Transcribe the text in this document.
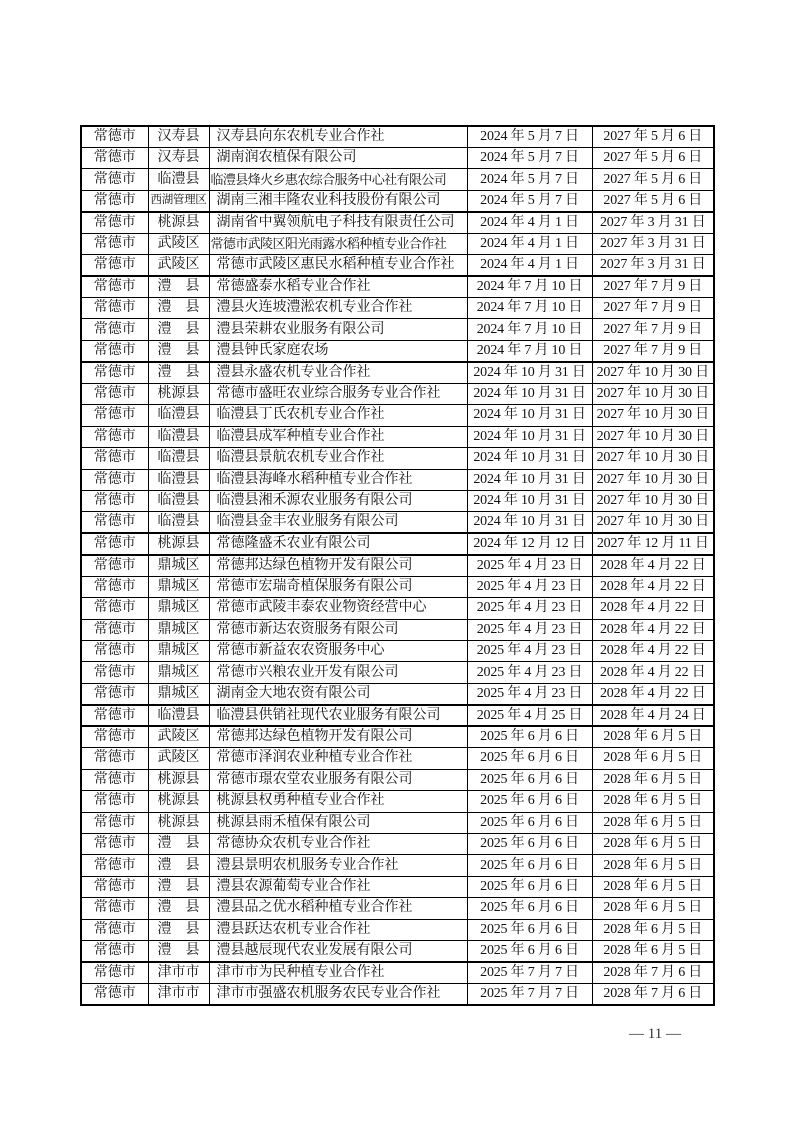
常德市	汉寿县	汉寿县向东农机专业合作社	2024 年 5 月 7 日	2027 年 5 月 6 日
常德市	汉寿县	湖南润农植保有限公司	2024 年 5 月 7 日	2027 年 5 月 6 日
常德市	临澧县	临澧县烽火乡惠农综合服务中心社有限公司	2024 年 5 月 7 日	2027 年 5 月 6 日
常德市	西湖管理区	湖南三湘丰隆农业科技股份有限公司	2024 年 5 月 7 日	2027 年 5 月 6 日
常德市	桃源县	湖南省中翼领航电子科技有限责任公司	2024 年 4 月 1 日	2027 年 3 月 31 日
常德市	武陵区	常德市武陵区阳光雨露水稻种植专业合作社	2024 年 4 月 1 日	2027 年 3 月 31 日
常德市	武陵区	常德市武陵区惠民水稻种植专业合作社	2024 年 4 月 1 日	2027 年 3 月 31 日
常德市	澧　县	常德盛泰水稻专业合作社	2024 年 7 月 10 日	2027 年 7 月 9 日
常德市	澧　县	澧县火连坡澧淞农机专业合作社	2024 年 7 月 10 日	2027 年 7 月 9 日
常德市	澧　县	澧县荣耕农业服务有限公司	2024 年 7 月 10 日	2027 年 7 月 9 日
常德市	澧　县	澧县钟氏家庭农场	2024 年 7 月 10 日	2027 年 7 月 9 日
常德市	澧　县	澧县永盛农机专业合作社	2024 年 10 月 31 日	2027 年 10 月 30 日
常德市	桃源县	常德市盛旺农业综合服务专业合作社	2024 年 10 月 31 日	2027 年 10 月 30 日
常德市	临澧县	临澧县丁氏农机专业合作社	2024 年 10 月 31 日	2027 年 10 月 30 日
常德市	临澧县	临澧县成军种植专业合作社	2024 年 10 月 31 日	2027 年 10 月 30 日
常德市	临澧县	临澧县景航农机专业合作社	2024 年 10 月 31 日	2027 年 10 月 30 日
常德市	临澧县	临澧县海峰水稻种植专业合作社	2024 年 10 月 31 日	2027 年 10 月 30 日
常德市	临澧县	临澧县湘禾源农业服务有限公司	2024 年 10 月 31 日	2027 年 10 月 30 日
常德市	临澧县	临澧县金丰农业服务有限公司	2024 年 10 月 31 日	2027 年 10 月 30 日
常德市	桃源县	常德隆盛禾农业有限公司	2024 年 12 月 12 日	2027 年 12 月 11 日
常德市	鼎城区	常德邦达绿色植物开发有限公司	2025 年 4 月 23 日	2028 年 4 月 22 日
常德市	鼎城区	常德市宏瑞奇植保服务有限公司	2025 年 4 月 23 日	2028 年 4 月 22 日
常德市	鼎城区	常德市武陵丰泰农业物资经营中心	2025 年 4 月 23 日	2028 年 4 月 22 日
常德市	鼎城区	常德市新达农资服务有限公司	2025 年 4 月 23 日	2028 年 4 月 22 日
常德市	鼎城区	常德市新益农农资服务中心	2025 年 4 月 23 日	2028 年 4 月 22 日
常德市	鼎城区	常德市兴粮农业开发有限公司	2025 年 4 月 23 日	2028 年 4 月 22 日
常德市	鼎城区	湖南金大地农资有限公司	2025 年 4 月 23 日	2028 年 4 月 22 日
常德市	临澧县	临澧县供销社现代农业服务有限公司	2025 年 4 月 25 日	2028 年 4 月 24 日
常德市	武陵区	常德邦达绿色植物开发有限公司	2025 年 6 月 6 日	2028 年 6 月 5 日
常德市	武陵区	常德市泽润农业种植专业合作社	2025 年 6 月 6 日	2028 年 6 月 5 日
常德市	桃源县	常德市璟农堂农业服务有限公司	2025 年 6 月 6 日	2028 年 6 月 5 日
常德市	桃源县	桃源县权勇种植专业合作社	2025 年 6 月 6 日	2028 年 6 月 5 日
常德市	桃源县	桃源县雨禾植保有限公司	2025 年 6 月 6 日	2028 年 6 月 5 日
常德市	澧　县	常德协众农机专业合作社	2025 年 6 月 6 日	2028 年 6 月 5 日
常德市	澧　县	澧县景明农机服务专业合作社	2025 年 6 月 6 日	2028 年 6 月 5 日
常德市	澧　县	澧县农源葡萄专业合作社	2025 年 6 月 6 日	2028 年 6 月 5 日
常德市	澧　县	澧县品之优水稻种植专业合作社	2025 年 6 月 6 日	2028 年 6 月 5 日
常德市	澧　县	澧县跃达农机专业合作社	2025 年 6 月 6 日	2028 年 6 月 5 日
常德市	澧　县	澧县越辰现代农业发展有限公司	2025 年 6 月 6 日	2028 年 6 月 5 日
常德市	津市市	津市市为民种植专业合作社	2025 年 7 月 7 日	2028 年 7 月 6 日
常德市	津市市	津市市强盛农机服务农民专业合作社	2025 年 7 月 7 日	2028 年 7 月 6 日
— 11 —
